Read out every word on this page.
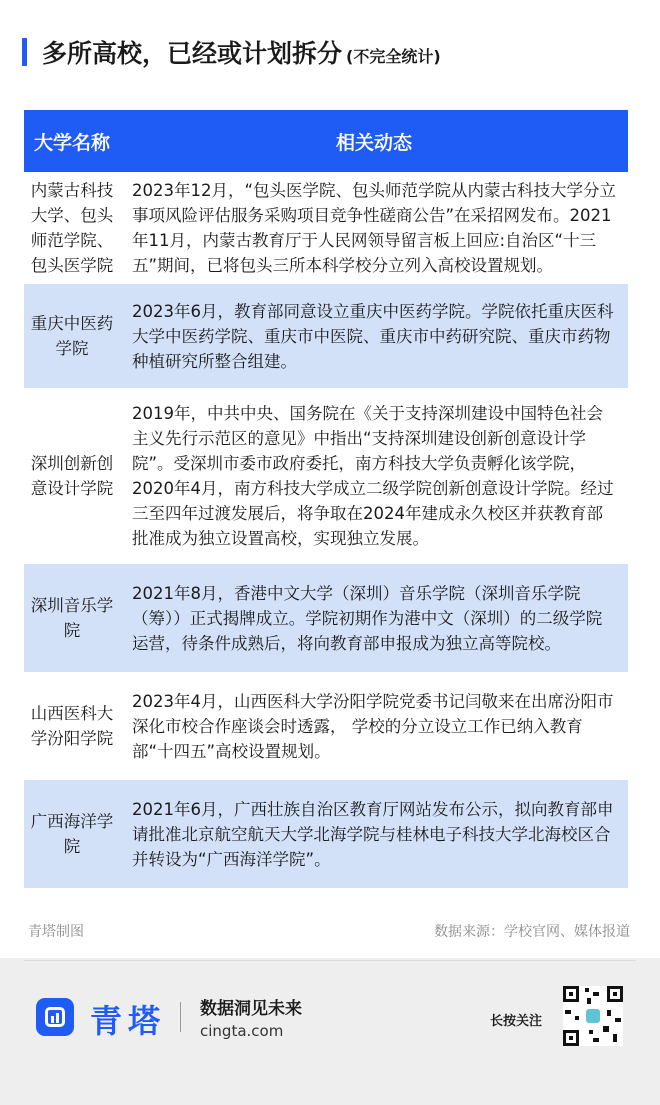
多所高校，已经或计划拆分 (不完全统计)
大学名称	相关动态
内蒙古科技大学、包头师范学院、包头医学院	2023年12月，“包头医学院、包头师范学院从内蒙古科技大学分立事项风险评估服务采购项目竞争性磋商公告”在采招网发布。2021年11月，内蒙古教育厅于人民网领导留言板上回应:自治区“十三五”期间，已将包头三所本科学校分立列入高校设置规划。
重庆中医药学院	2023年6月，教育部同意设立重庆中医药学院。学院依托重庆医科大学中医药学院、重庆市中医院、重庆市中药研究院、重庆市药物种植研究所整合组建。
深圳创新创意设计学院	2019年，中共中央、国务院在《关于支持深圳建设中国特色社会主义先行示范区的意见》中指出“支持深圳建设创新创意设计学院”。受深圳市委市政府委托，南方科技大学负责孵化该学院，2020年4月，南方科技大学成立二级学院创新创意设计学院。经过三至四年过渡发展后，将争取在2024年建成永久校区并获教育部批准成为独立设置高校，实现独立发展。
深圳音乐学院	2021年8月，香港中文大学（深圳）音乐学院（深圳音乐学院（筹））正式揭牌成立。学院初期作为港中文（深圳）的二级学院运营，待条件成熟后，将向教育部申报成为独立高等院校。
山西医科大学汾阳学院	2023年4月，山西医科大学汾阳学院党委书记闫敬来在出席汾阳市深化市校合作座谈会时透露， 学校的分立设立工作已纳入教育部“十四五”高校设置规划。
广西海洋学院	2021年6月，广西壮族自治区教育厅网站发布公示，拟向教育部申请批准北京航空航天大学北海学院与桂林电子科技大学北海校区合并转设为“广西海洋学院”。
青塔制图	数据来源：学校官网、媒体报道
青塔 数据洞见未来
cingta.com
长按关注
